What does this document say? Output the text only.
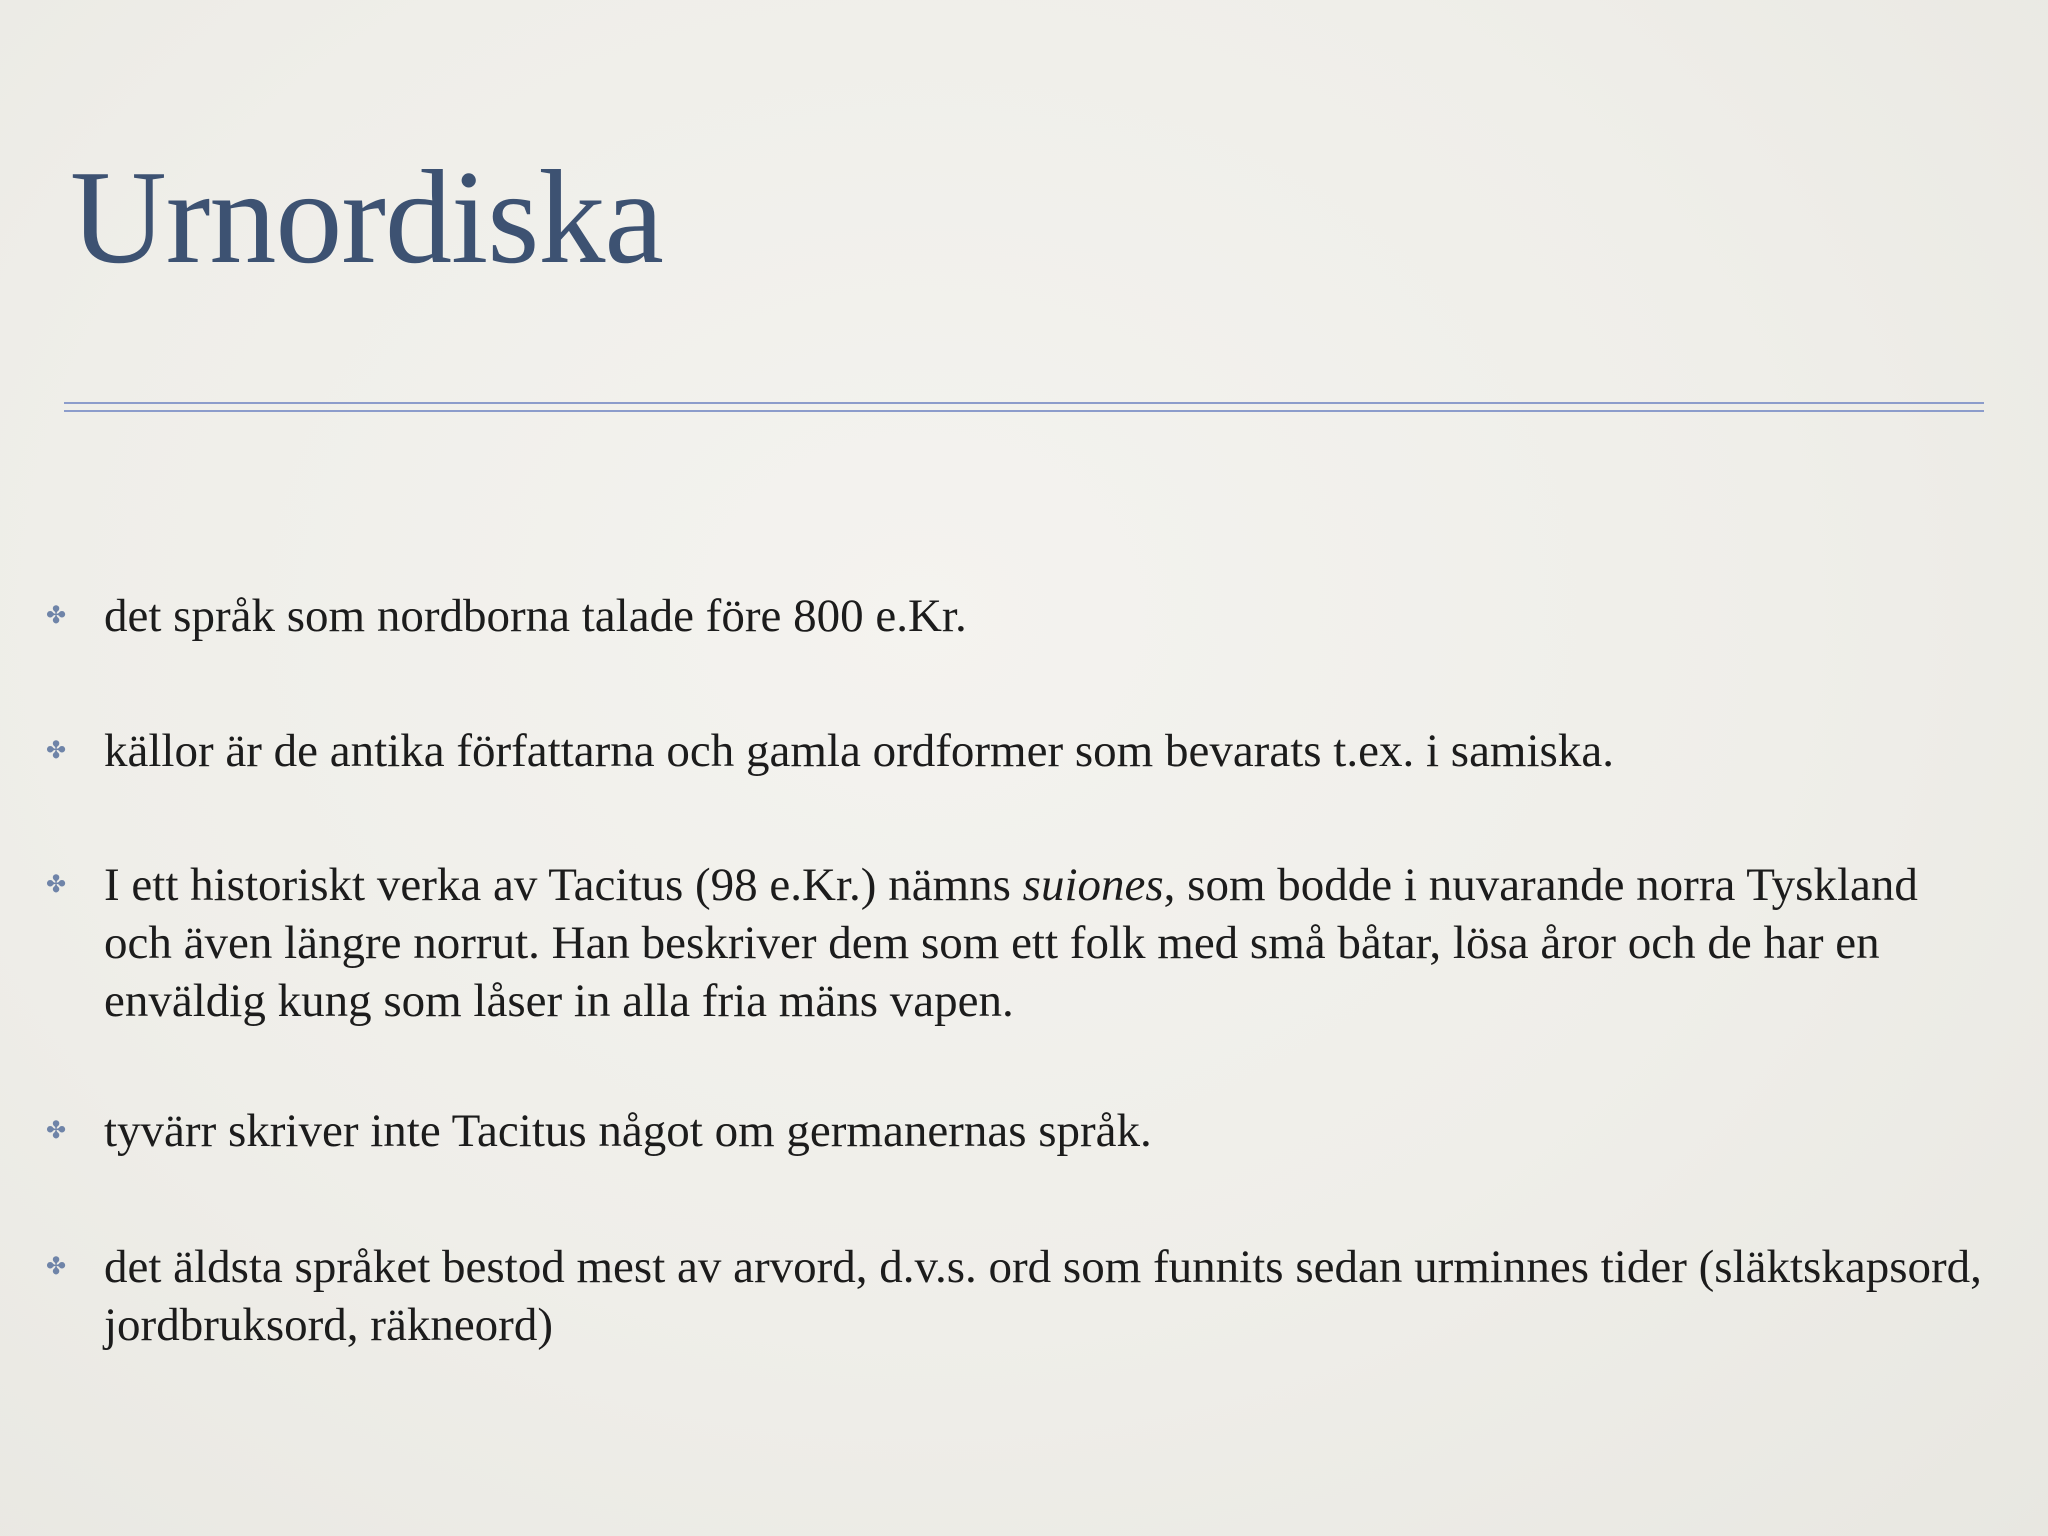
Urnordiska
✤ det språk som nordborna talade före 800 e.Kr.
✤ källor är de antika författarna och gamla ordformer som bevarats t.ex. i samiska.
✤ I ett historiskt verka av Tacitus (98 e.Kr.) nämns suiones, som bodde i nuvarande norra Tyskland och även längre norrut. Han beskriver dem som ett folk med små båtar, lösa åror och de har en enväldig kung som låser in alla fria mäns vapen.
✤ tyvärr skriver inte Tacitus något om germanernas språk.
✤ det äldsta språket bestod mest av arvord, d.v.s. ord som funnits sedan urminnes tider (släktskapsord, jordbruksord, räkneord)
